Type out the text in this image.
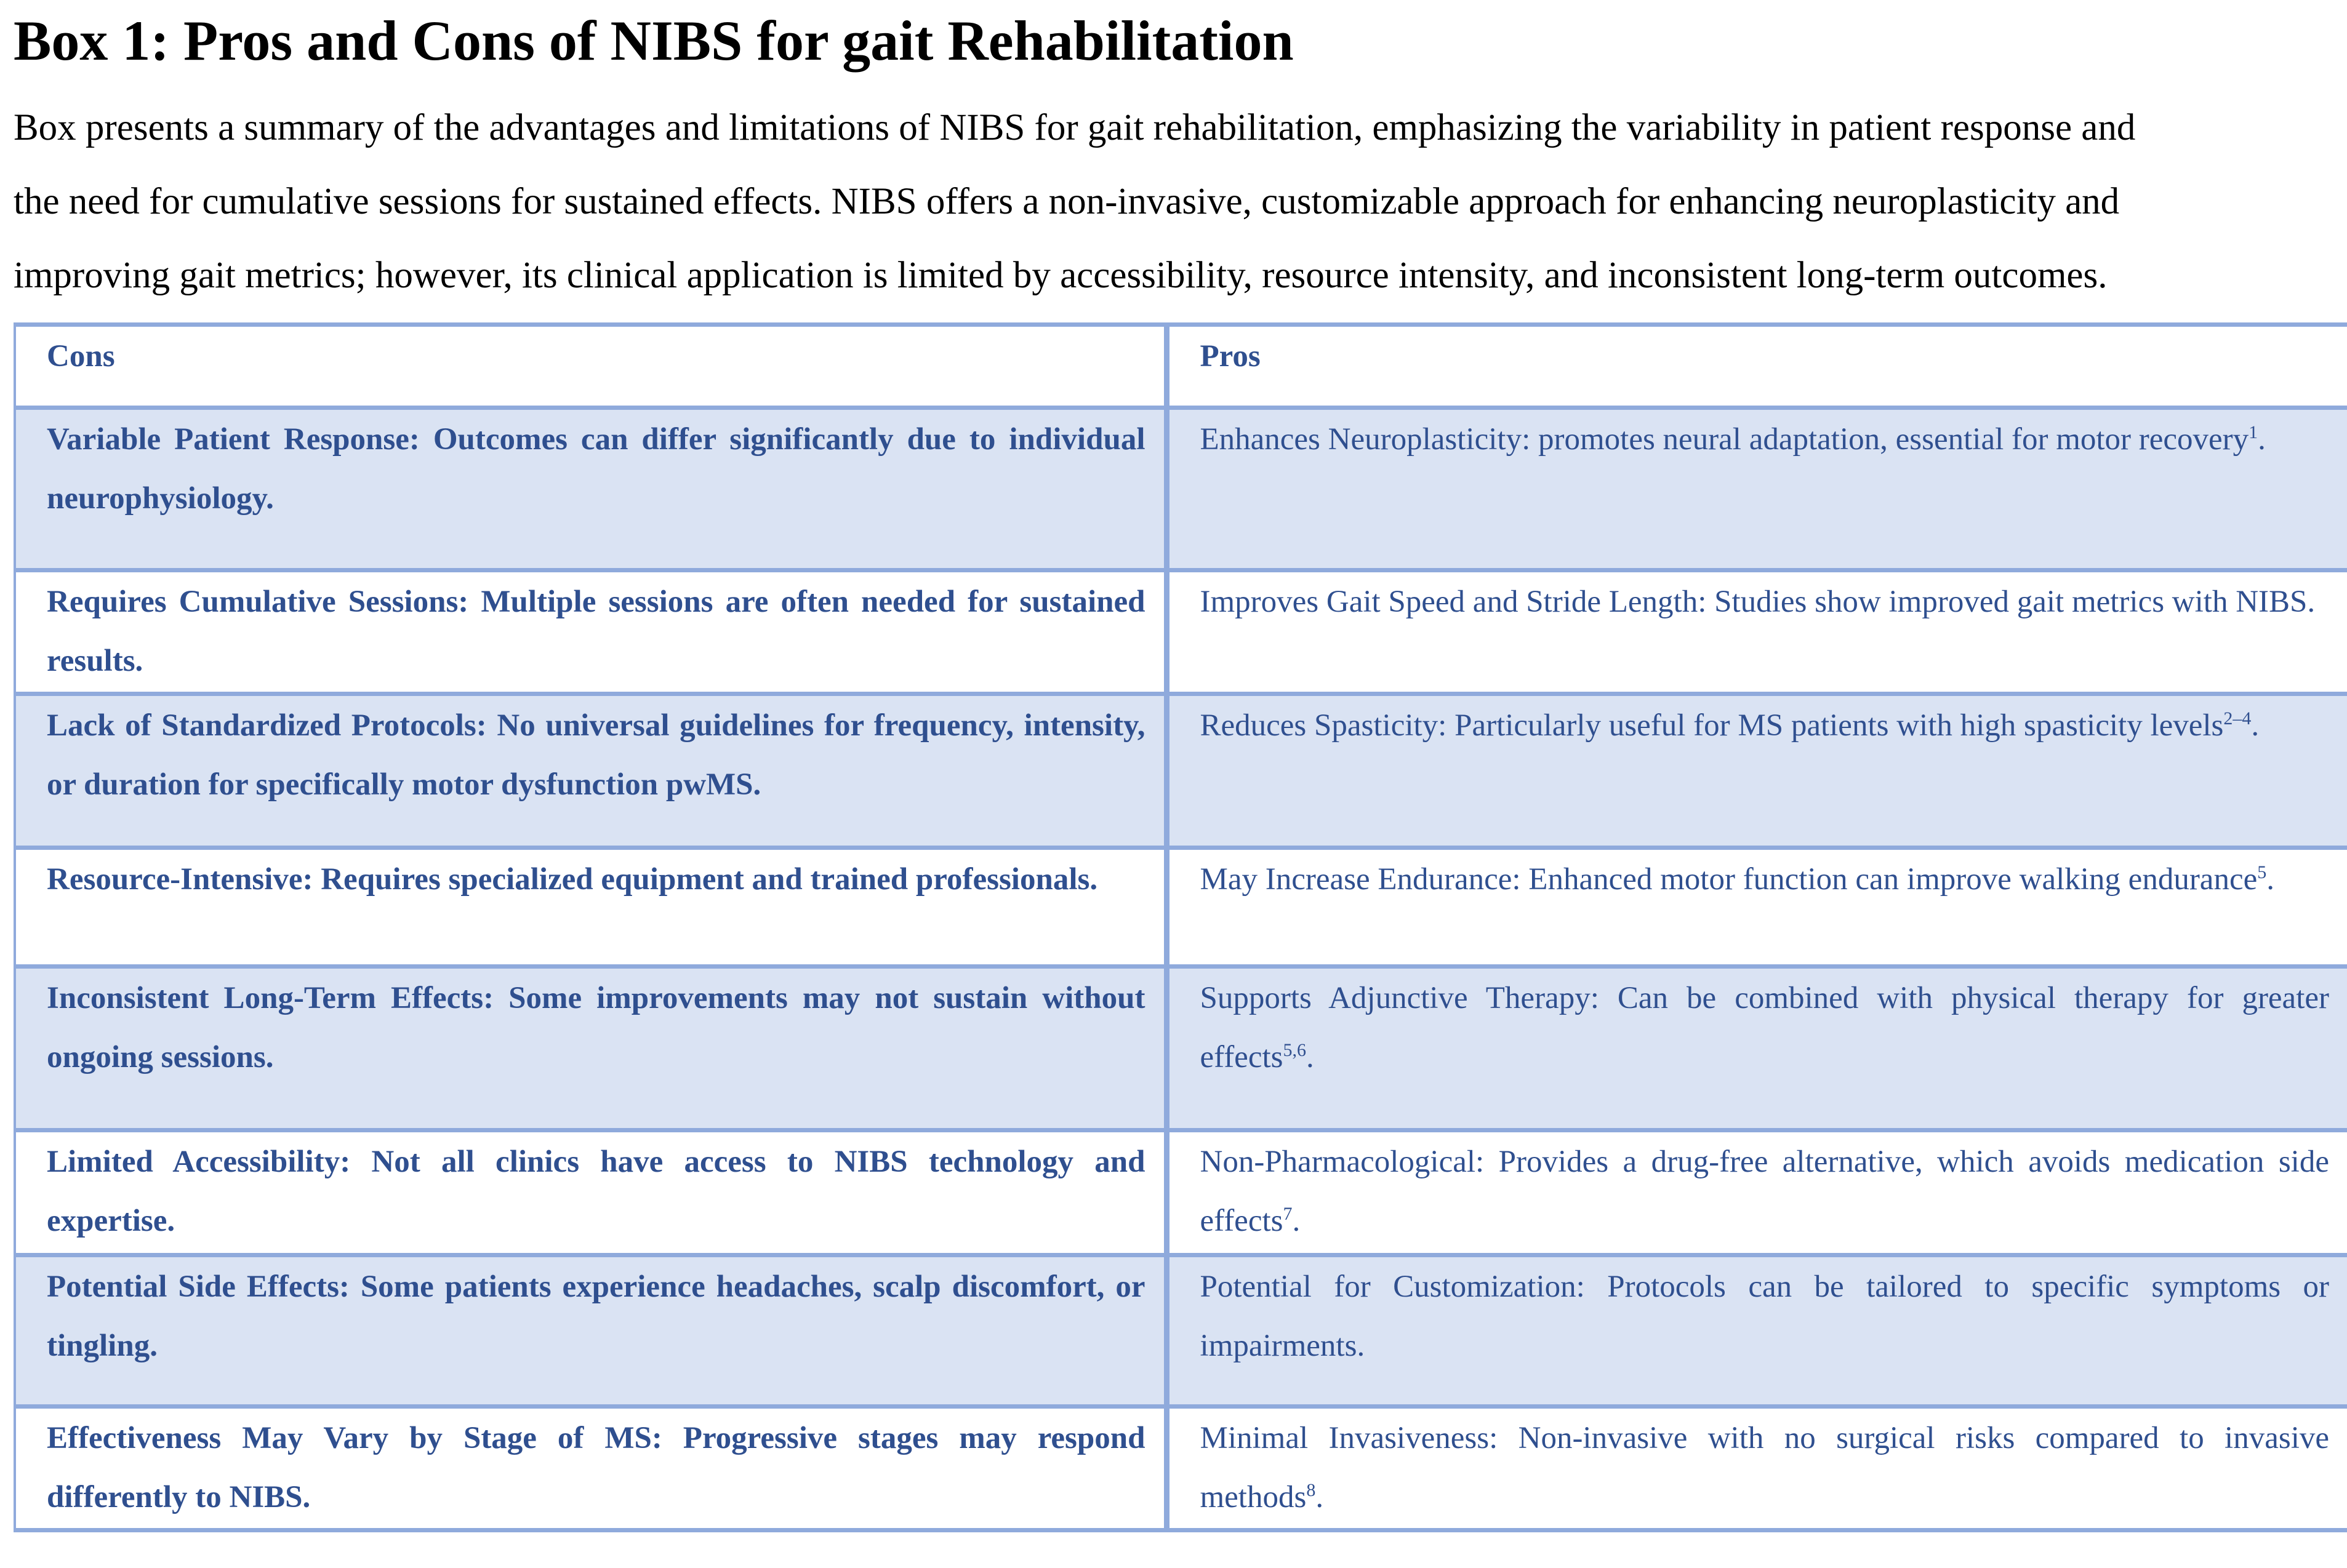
Box 1: Pros and Cons of NIBS for gait Rehabilitation
Box presents a summary of the advantages and limitations of NIBS for gait rehabilitation, emphasizing the variability in patient response and
the need for cumulative sessions for sustained effects. NIBS offers a non-invasive, customizable approach for enhancing neuroplasticity and
improving gait metrics; however, its clinical application is limited by accessibility, resource intensity, and inconsistent long-term outcomes.
Cons	Pros

Variable Patient Response: Outcomes can differ significantly due to individual neurophysiology.	Enhances Neuroplasticity: promotes neural adaptation, essential for motor recovery$^1$.

Requires Cumulative Sessions: Multiple sessions are often needed for sustained results.	Improves Gait Speed and Stride Length: Studies show improved gait metrics with NIBS.

Lack of Standardized Protocols: No universal guidelines for frequency, intensity, or duration for specifically motor dysfunction pwMS.	Reduces Spasticity: Particularly useful for MS patients with high spasticity levels$^{2-4}$.

Resource-Intensive: Requires specialized equipment and trained professionals.	May Increase Endurance: Enhanced motor function can improve walking endurance$^5$.

Inconsistent Long-Term Effects: Some improvements may not sustain without ongoing sessions.	Supports Adjunctive Therapy: Can be combined with physical therapy for greater effects$^{5,6}$.

Limited Accessibility: Not all clinics have access to NIBS technology and expertise.	Non-Pharmacological: Provides a drug-free alternative, which avoids medication side effects$^7$.

Potential Side Effects: Some patients experience headaches, scalp discomfort, or tingling.	Potential for Customization: Protocols can be tailored to specific symptoms or impairments.

Effectiveness May Vary by Stage of MS: Progressive stages may respond differently to NIBS.	Minimal Invasiveness: Non-invasive with no surgical risks compared to invasive methods$^8$.
